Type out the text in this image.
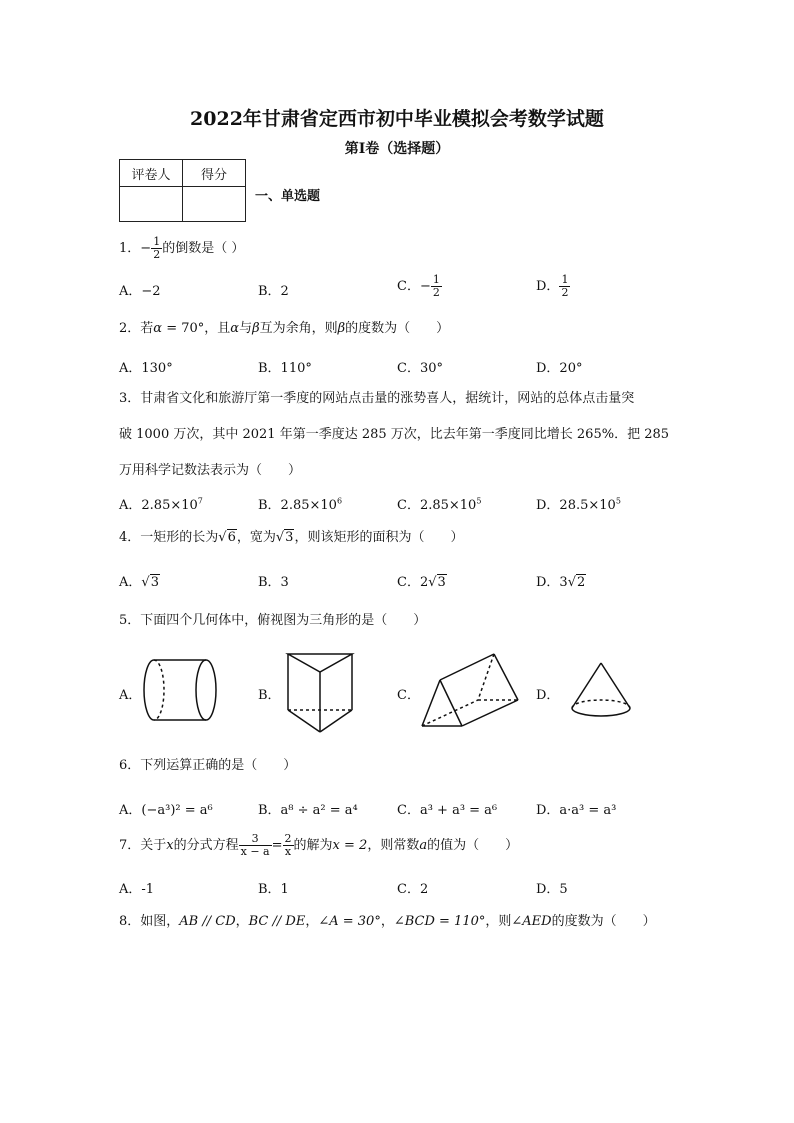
2022年甘肃省定西市初中毕业模拟会考数学试题
第I卷（选择题）
评卷人	得分

一、单选题
1．− $\frac{1}{2}$ 的倒数是（ ）
A．−2	B．2	C．− $\frac{1}{2}$	D． $\frac{1}{2}$
2．若α = 70°，且α与β互为余角，则β的度数为（　　）
A．130°	B．110°	C．30°	D．20°
3．甘肃省文化和旅游厅第一季度的网站点击量的涨势喜人，据统计，网站的总体点击量突
破 1000 万次，其中 2021 年第一季度达 285 万次，比去年第一季度同比增长 265%．把 285
万用科学记数法表示为（　　）
A．$2.85\times 10^7$	B．$2.85\times 10^6$	C．$2.85\times 10^5$	D．$28.5\times 10^5$
4．一矩形的长为√6，宽为√3，则该矩形的面积为（　　）
A．√3	B．3	C．2√3	D．3√2
5．下面四个几何体中，俯视图为三角形的是（　　）
A．	B．	C．	D．
6．下列运算正确的是（　　）
A．(−a³)² = a⁶	B．a⁸ ÷ a² = a⁴	C．a³ + a³ = a⁶	D．a·a³ = a³
7．关于x的分式方程 $\frac{3}{x - a} = \frac{2}{x}$ 的解为x = 2，则常数a的值为（　　）
A．-1	B．1	C．2	D．5
8．如图，AB // CD，BC // DE，∠A = 30°，∠BCD = 110°，则∠AED的度数为（　　）
